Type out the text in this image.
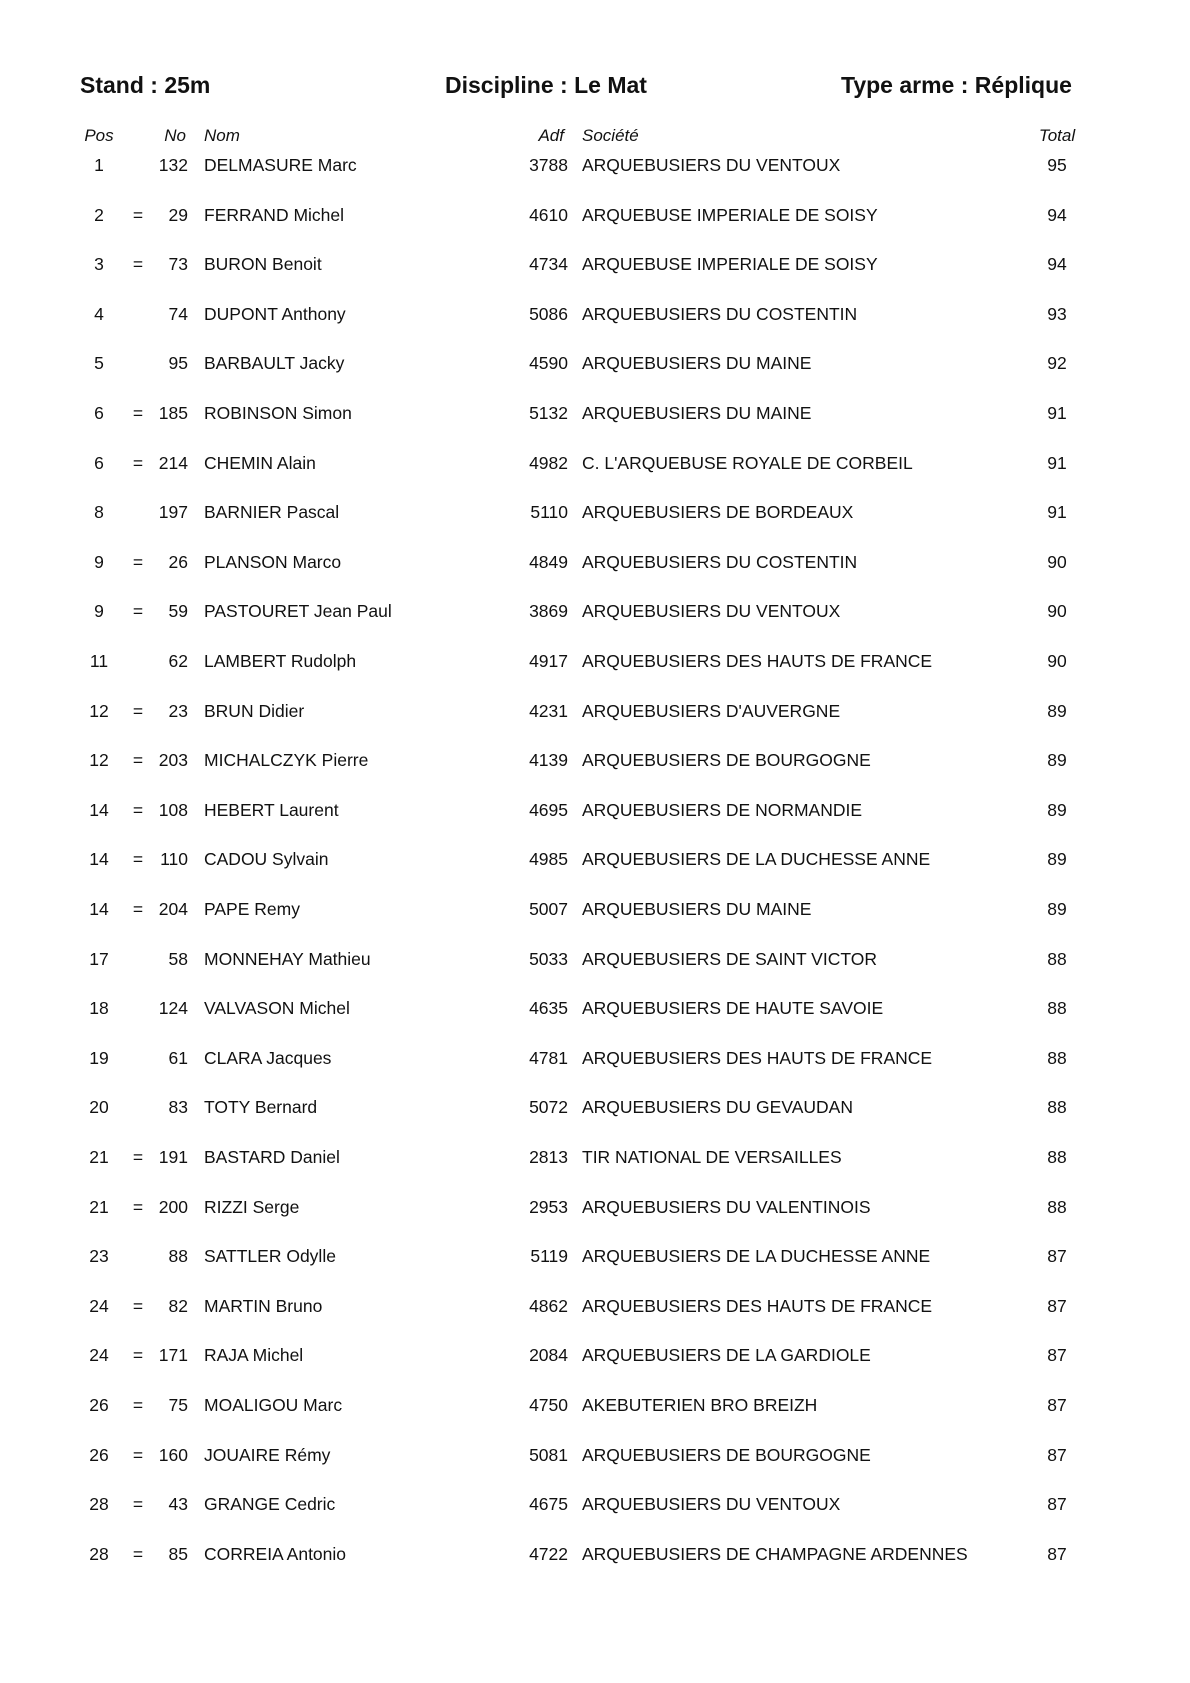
Stand : 25m	Discipline : Le Mat	Type arme : Réplique
Pos	No Nom	Adf Société	Total
1	132 DELMASURE Marc	3788 ARQUEBUSIERS DU VENTOUX	95
2	=	29 FERRAND Michel	4610 ARQUEBUSE IMPERIALE DE SOISY	94
3	=	73 BURON Benoit	4734 ARQUEBUSE IMPERIALE DE SOISY	94
4	74 DUPONT Anthony	5086 ARQUEBUSIERS DU COSTENTIN	93
5	95 BARBAULT Jacky	4590 ARQUEBUSIERS DU MAINE	92
6	= 185 ROBINSON Simon	5132 ARQUEBUSIERS DU MAINE	91
6	= 214 CHEMIN Alain	4982 C. L'ARQUEBUSE ROYALE DE CORBEIL	91
8	197 BARNIER Pascal	5110 ARQUEBUSIERS DE BORDEAUX	91
9	=	26 PLANSON Marco	4849 ARQUEBUSIERS DU COSTENTIN	90
9	=	59 PASTOURET Jean Paul	3869 ARQUEBUSIERS DU VENTOUX	90
11	62 LAMBERT Rudolph	4917 ARQUEBUSIERS DES HAUTS DE FRANCE	90
12	=	23 BRUN Didier	4231 ARQUEBUSIERS D'AUVERGNE	89
12	= 203 MICHALCZYK Pierre	4139 ARQUEBUSIERS DE BOURGOGNE	89
14	= 108 HEBERT Laurent	4695 ARQUEBUSIERS DE NORMANDIE	89
14	= 110 CADOU Sylvain	4985 ARQUEBUSIERS DE LA DUCHESSE ANNE	89
14	= 204 PAPE Remy	5007 ARQUEBUSIERS DU MAINE	89
17	58 MONNEHAY Mathieu	5033 ARQUEBUSIERS DE SAINT VICTOR	88
18	124 VALVASON Michel	4635 ARQUEBUSIERS DE HAUTE SAVOIE	88
19	61 CLARA Jacques	4781 ARQUEBUSIERS DES HAUTS DE FRANCE	88
20	83 TOTY Bernard	5072 ARQUEBUSIERS DU GEVAUDAN	88
21	= 191 BASTARD Daniel	2813 TIR NATIONAL DE VERSAILLES	88
21	= 200 RIZZI Serge	2953 ARQUEBUSIERS DU VALENTINOIS	88
23	88 SATTLER Odylle	5119 ARQUEBUSIERS DE LA DUCHESSE ANNE	87
24	=	82 MARTIN Bruno	4862 ARQUEBUSIERS DES HAUTS DE FRANCE	87
24	= 171 RAJA Michel	2084 ARQUEBUSIERS DE LA GARDIOLE	87
26	=	75 MOALIGOU Marc	4750 AKEBUTERIEN BRO BREIZH	87
26	= 160 JOUAIRE Rémy	5081 ARQUEBUSIERS DE BOURGOGNE	87
28	=	43 GRANGE Cedric	4675 ARQUEBUSIERS DU VENTOUX	87
28	=	85 CORREIA Antonio	4722 ARQUEBUSIERS DE CHAMPAGNE ARDENNES	87
